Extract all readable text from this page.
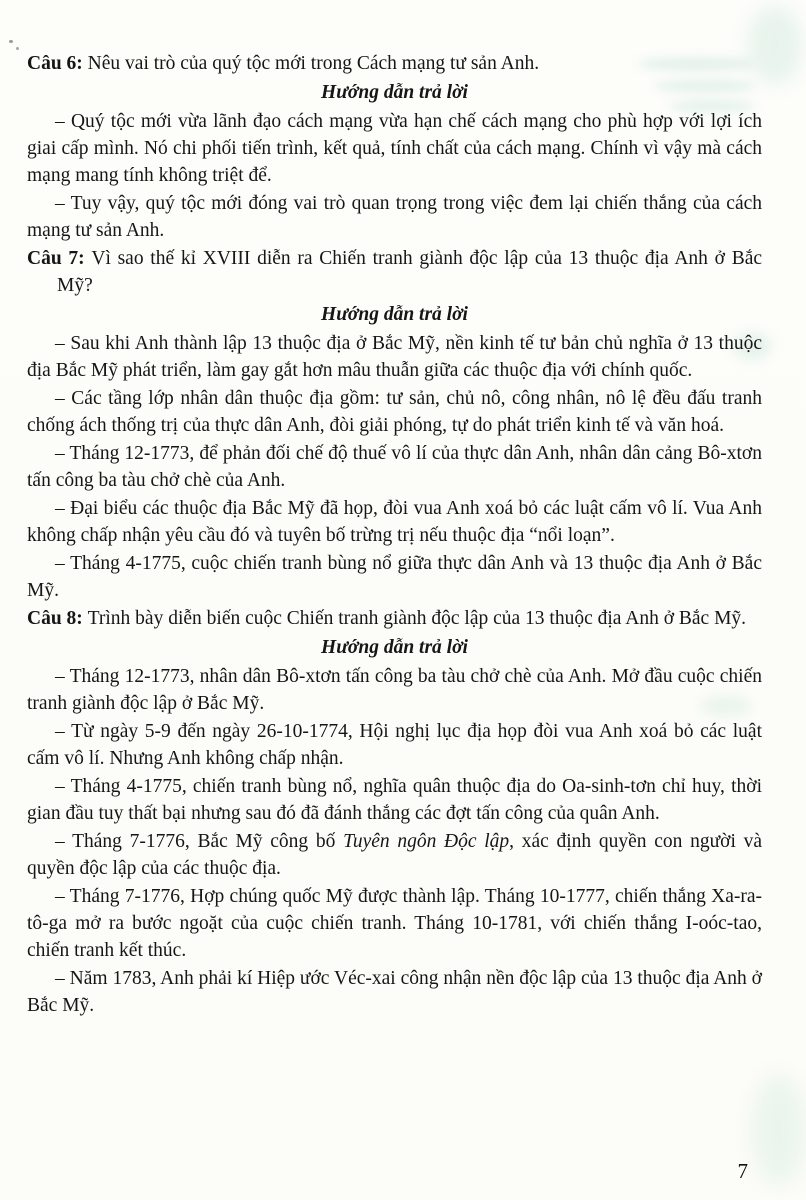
Câu 6: Nêu vai trò của quý tộc mới trong Cách mạng tư sản Anh.
Hướng dẫn trả lời
– Quý tộc mới vừa lãnh đạo cách mạng vừa hạn chế cách mạng cho phù hợp với lợi ích giai cấp mình. Nó chi phối tiến trình, kết quả, tính chất của cách mạng. Chính vì vậy mà cách mạng mang tính không triệt để.
– Tuy vậy, quý tộc mới đóng vai trò quan trọng trong việc đem lại chiến thắng của cách mạng tư sản Anh.
Câu 7: Vì sao thế kỉ XVIII diễn ra Chiến tranh giành độc lập của 13 thuộc địa Anh ở Bắc Mỹ?
Hướng dẫn trả lời
– Sau khi Anh thành lập 13 thuộc địa ở Bắc Mỹ, nền kinh tế tư bản chủ nghĩa ở 13 thuộc địa Bắc Mỹ phát triển, làm gay gắt hơn mâu thuẫn giữa các thuộc địa với chính quốc.
– Các tầng lớp nhân dân thuộc địa gồm: tư sản, chủ nô, công nhân, nô lệ đều đấu tranh chống ách thống trị của thực dân Anh, đòi giải phóng, tự do phát triển kinh tế và văn hoá.
– Tháng 12-1773, để phản đối chế độ thuế vô lí của thực dân Anh, nhân dân cảng Bô-xtơn tấn công ba tàu chở chè của Anh.
– Đại biểu các thuộc địa Bắc Mỹ đã họp, đòi vua Anh xoá bỏ các luật cấm vô lí. Vua Anh không chấp nhận yêu cầu đó và tuyên bố trừng trị nếu thuộc địa “nổi loạn”.
– Tháng 4-1775, cuộc chiến tranh bùng nổ giữa thực dân Anh và 13 thuộc địa Anh ở Bắc Mỹ.
Câu 8: Trình bày diễn biến cuộc Chiến tranh giành độc lập của 13 thuộc địa Anh ở Bắc Mỹ.
Hướng dẫn trả lời
– Tháng 12-1773, nhân dân Bô-xtơn tấn công ba tàu chở chè của Anh. Mở đầu cuộc chiến tranh giành độc lập ở Bắc Mỹ.
– Từ ngày 5-9 đến ngày 26-10-1774, Hội nghị lục địa họp đòi vua Anh xoá bỏ các luật cấm vô lí. Nhưng Anh không chấp nhận.
– Tháng 4-1775, chiến tranh bùng nổ, nghĩa quân thuộc địa do Oa-sinh-tơn chỉ huy, thời gian đầu tuy thất bại nhưng sau đó đã đánh thắng các đợt tấn công của quân Anh.
– Tháng 7-1776, Bắc Mỹ công bố Tuyên ngôn Độc lập, xác định quyền con người và quyền độc lập của các thuộc địa.
– Tháng 7-1776, Hợp chúng quốc Mỹ được thành lập. Tháng 10-1777, chiến thắng Xa-ra-tô-ga mở ra bước ngoặt của cuộc chiến tranh. Tháng 10-1781, với chiến thắng I-oóc-tao, chiến tranh kết thúc.
– Năm 1783, Anh phải kí Hiệp ước Véc-xai công nhận nền độc lập của 13 thuộc địa Anh ở Bắc Mỹ.
7
